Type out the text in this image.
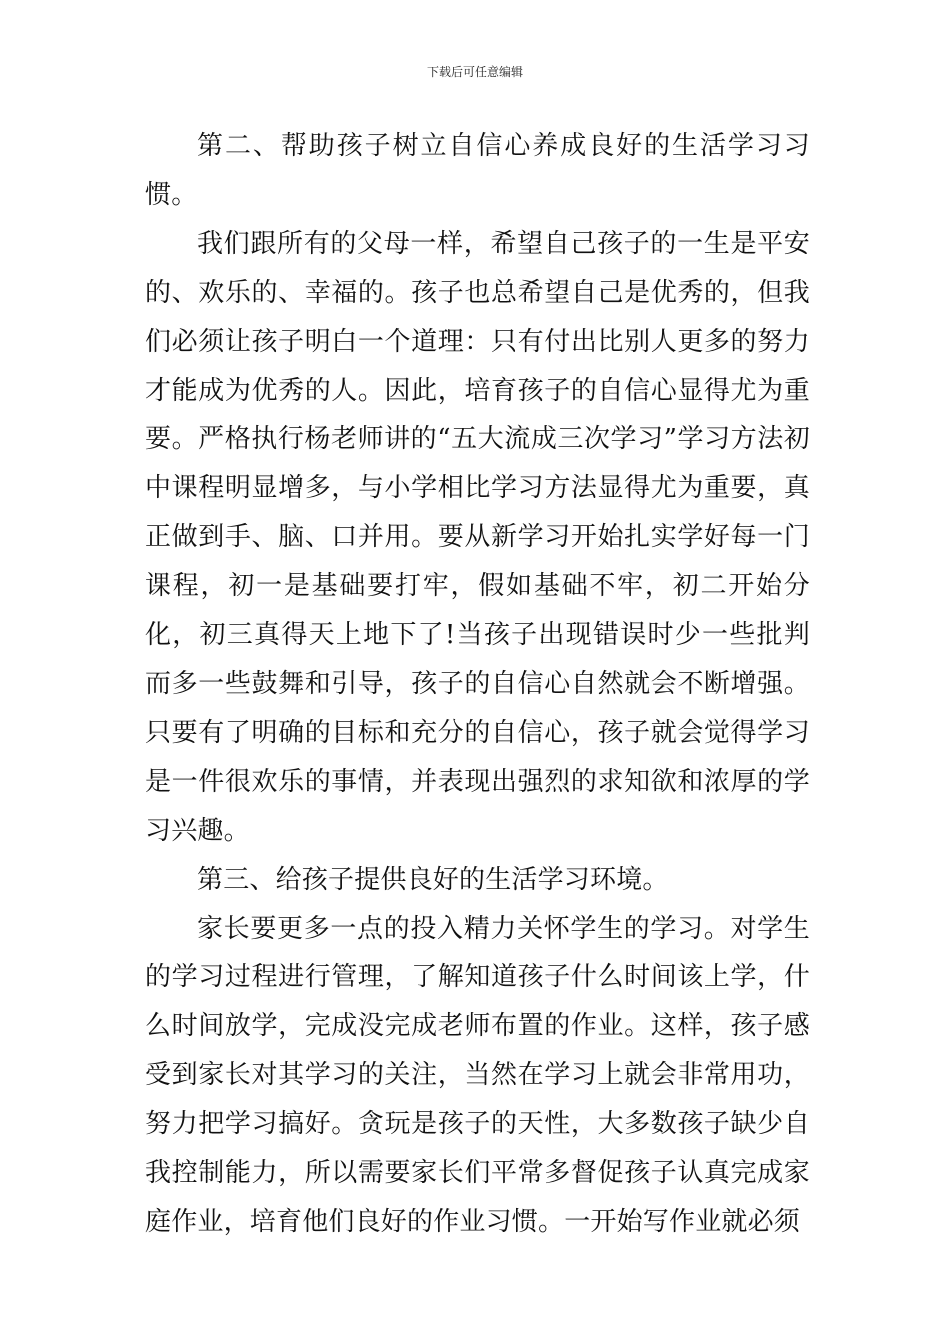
下载后可任意编辑

第二、帮助孩子树立自信心养成良好的生活学习习惯。

我们跟所有的父母一样，希望自己孩子的一生是平安的、欢乐的、幸福的。孩子也总希望自己是优秀的，但我们必须让孩子明白一个道理：只有付出比别人更多的努力才能成为优秀的人。因此，培育孩子的自信心显得尤为重要。严格执行杨老师讲的“五大流成三次学习”学习方法初中课程明显增多，与小学相比学习方法显得尤为重要，真正做到手、脑、口并用。要从新学习开始扎实学好每一门课程，初一是基础要打牢，假如基础不牢，初二开始分化，初三真得天上地下了!当孩子出现错误时少一些批判而多一些鼓舞和引导，孩子的自信心自然就会不断增强。只要有了明确的目标和充分的自信心，孩子就会觉得学习是一件很欢乐的事情，并表现出强烈的求知欲和浓厚的学习兴趣。

第三、给孩子提供良好的生活学习环境。

家长要更多一点的投入精力关怀学生的学习。对学生的学习过程进行管理，了解知道孩子什么时间该上学，什么时间放学，完成没完成老师布置的作业。这样，孩子感受到家长对其学习的关注，当然在学习上就会非常用功，努力把学习搞好。贪玩是孩子的天性，大多数孩子缺少自我控制能力，所以需要家长们平常多督促孩子认真完成家庭作业，培育他们良好的作业习惯。一开始写作业就必须
